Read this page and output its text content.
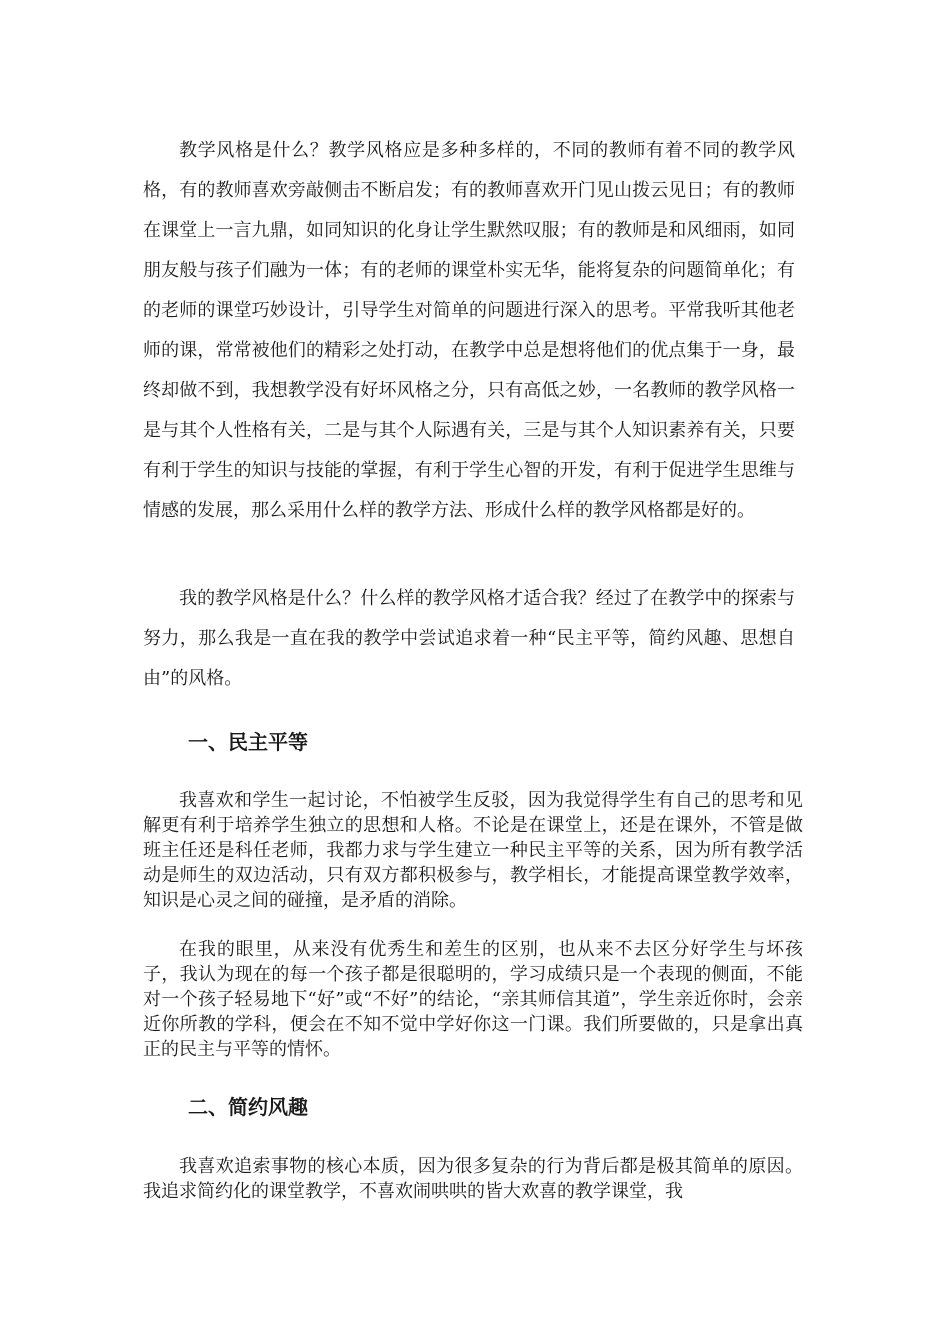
教学风格是什么？教学风格应是多种多样的，不同的教师有着不同的教学风格，有的教师喜欢旁敲侧击不断启发；有的教师喜欢开门见山拨云见日；有的教师在课堂上一言九鼎，如同知识的化身让学生默然叹服；有的教师是和风细雨，如同朋友般与孩子们融为一体；有的老师的课堂朴实无华，能将复杂的问题简单化；有的老师的课堂巧妙设计，引导学生对简单的问题进行深入的思考。平常我听其他老师的课，常常被他们的精彩之处打动，在教学中总是想将他们的优点集于一身，最终却做不到，我想教学没有好坏风格之分，只有高低之妙，一名教师的教学风格一是与其个人性格有关，二是与其个人际遇有关，三是与其个人知识素养有关，只要有利于学生的知识与技能的掌握，有利于学生心智的开发，有利于促进学生思维与情感的发展，那么采用什么样的教学方法、形成什么样的教学风格都是好的。

我的教学风格是什么？什么样的教学风格才适合我？经过了在教学中的探索与努力，那么我是一直在我的教学中尝试追求着一种“民主平等，简约风趣、思想自由”的风格。

一、民主平等

我喜欢和学生一起讨论，不怕被学生反驳，因为我觉得学生有自己的思考和见解更有利于培养学生独立的思想和人格。不论是在课堂上，还是在课外，不管是做班主任还是科任老师，我都力求与学生建立一种民主平等的关系，因为所有教学活动是师生的双边活动，只有双方都积极参与，教学相长，才能提高课堂教学效率，知识是心灵之间的碰撞，是矛盾的消除。

在我的眼里，从来没有优秀生和差生的区别，也从来不去区分好学生与坏孩子，我认为现在的每一个孩子都是很聪明的，学习成绩只是一个表现的侧面，不能对一个孩子轻易地下“好”或“不好”的结论，“亲其师信其道”，学生亲近你时，会亲近你所教的学科，便会在不知不觉中学好你这一门课。我们所要做的，只是拿出真正的民主与平等的情怀。

二、简约风趣

我喜欢追索事物的核心本质，因为很多复杂的行为背后都是极其简单的原因。我追求简约化的课堂教学，不喜欢闹哄哄的皆大欢喜的教学课堂，我
